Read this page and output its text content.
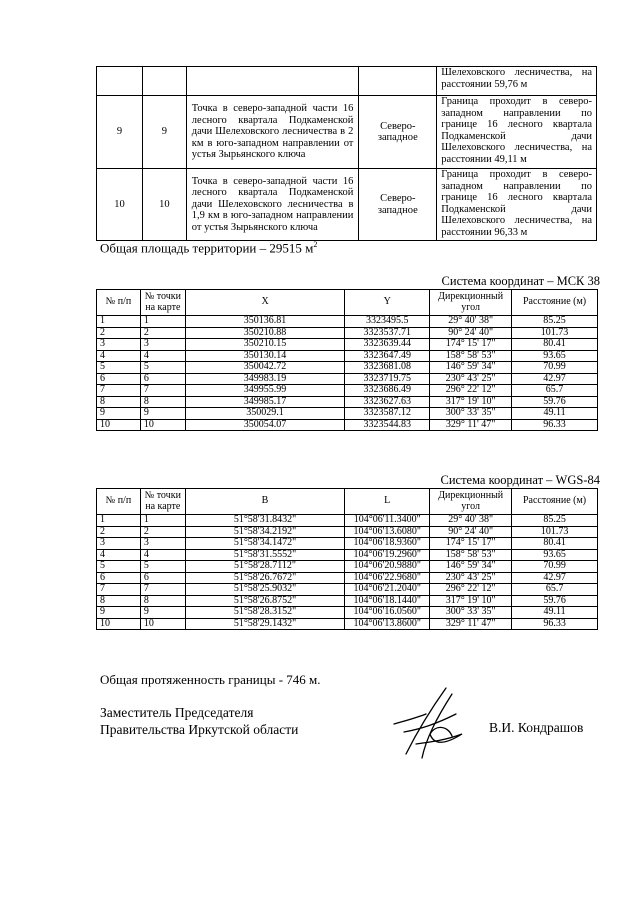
				Шелеховского лесничества, на расстоянии 59,76 м
9	9	Точка в северо-западной части 16 лесного квартала Подкаменской дачи Шелеховского лесничества в 2 км в юго-западном направлении от устья Зырьянского ключа	Северо-западное	Граница проходит в северо-западном направлении по границе 16 лесного квартала Подкаменской дачи Шелеховского лесничества, на расстоянии 49,11 м
10	10	Точка в северо-западной части 16 лесного квартала Подкаменской дачи Шелеховского лесничества в 1,9 км в юго-западном направлении от устья Зырьянского ключа	Северо-западное	Граница проходит в северо-западном направлении по границе 16 лесного квартала Подкаменской дачи Шелеховского лесничества, на расстоянии 96,33 м
Общая площадь территории – 29515 $м^2$
Система координат – МСК 38
№ п/п	№ точки на карте	X	Y	Дирекционный угол	Расстояние (м)
1	1	350136.81	3323495.5	29° 40' 38"	85.25
2	2	350210.88	3323537.71	90° 24' 40"	101.73
3	3	350210.15	3323639.44	174° 15' 17"	80.41
4	4	350130.14	3323647.49	158° 58' 53"	93.65
5	5	350042.72	3323681.08	146° 59' 34"	70.99
6	6	349983.19	3323719.75	230° 43' 25"	42.97
7	7	349955.99	3323686.49	296° 22' 12"	65.7
8	8	349985.17	3323627.63	317° 19' 10"	59.76
9	9	350029.1	3323587.12	300° 33' 35"	49.11
10	10	350054.07	3323544.83	329° 11' 47"	96.33
Система координат – WGS-84
№ п/п	№ точки на карте	B	L	Дирекционный угол	Расстояние (м)
1	1	51°58'31.8432"	104°06'11.3400"	29° 40' 38"	85.25
2	2	51°58'34.2192"	104°06'13.6080"	90° 24' 40"	101.73
3	3	51°58'34.1472"	104°06'18.9360"	174° 15' 17"	80.41
4	4	51°58'31.5552"	104°06'19.2960"	158° 58' 53"	93.65
5	5	51°58'28.7112"	104°06'20.9880"	146° 59' 34"	70.99
6	6	51°58'26.7672"	104°06'22.9680"	230° 43' 25"	42.97
7	7	51°58'25.9032"	104°06'21.2040"	296° 22' 12"	65.7
8	8	51°58'26.8752"	104°06'18.1440"	317° 19' 10"	59.76
9	9	51°58'28.3152"	104°06'16.0560"	300° 33' 35"	49.11
10	10	51°58'29.1432"	104°06'13.8600"	329° 11' 47"	96.33
Общая протяженность границы - 746 м.
Заместитель Председателя
Правительства Иркутской области	В.И. Кондрашов
